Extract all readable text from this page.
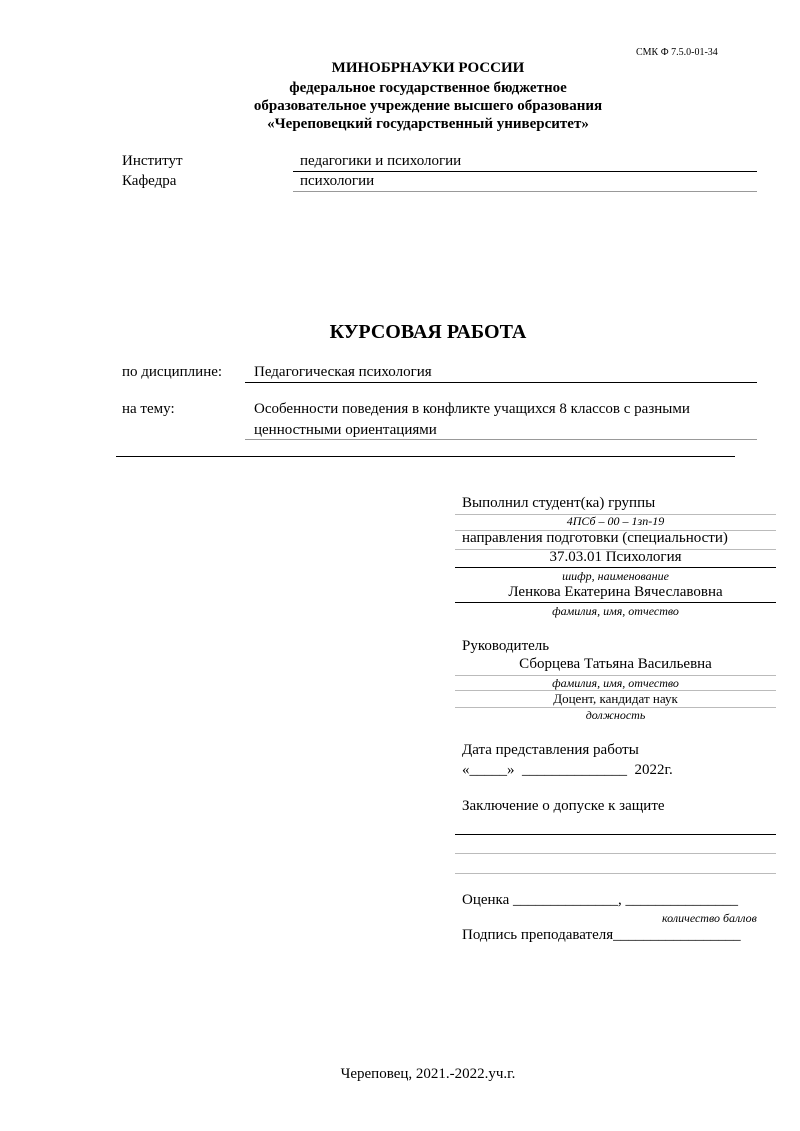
СМК Ф 7.5.0-01-34
МИНОБРНАУКИ РОССИИ
федеральное государственное бюджетное
образовательное учреждение высшего образования
«Череповецкий государственный университет»
Институт	педагогики и психологии
Кафедра	психологии
КУРСОВАЯ РАБОТА
по дисциплине: Педагогическая психология
на тему:	Особенности поведения в конфликте учащихся 8 классов с разными
ценностными ориентациями
Выполнил студент(ка) группы
4ПСб – 00 – 1зп-19
направления подготовки (специальности)
37.03.01 Психология
шифр, наименование
Ленкова Екатерина Вячеславовна
фамилия, имя, отчество
Руководитель
Сборцева Татьяна Васильевна
фамилия, имя, отчество
Доцент, кандидат наук
должность
Дата представления работы
«_____»  ______________  2022г.
Заключение о допуске к защите
Оценка ______________, _______________
количество баллов
Подпись преподавателя_________________
Череповец, 2021.-2022.уч.г.
